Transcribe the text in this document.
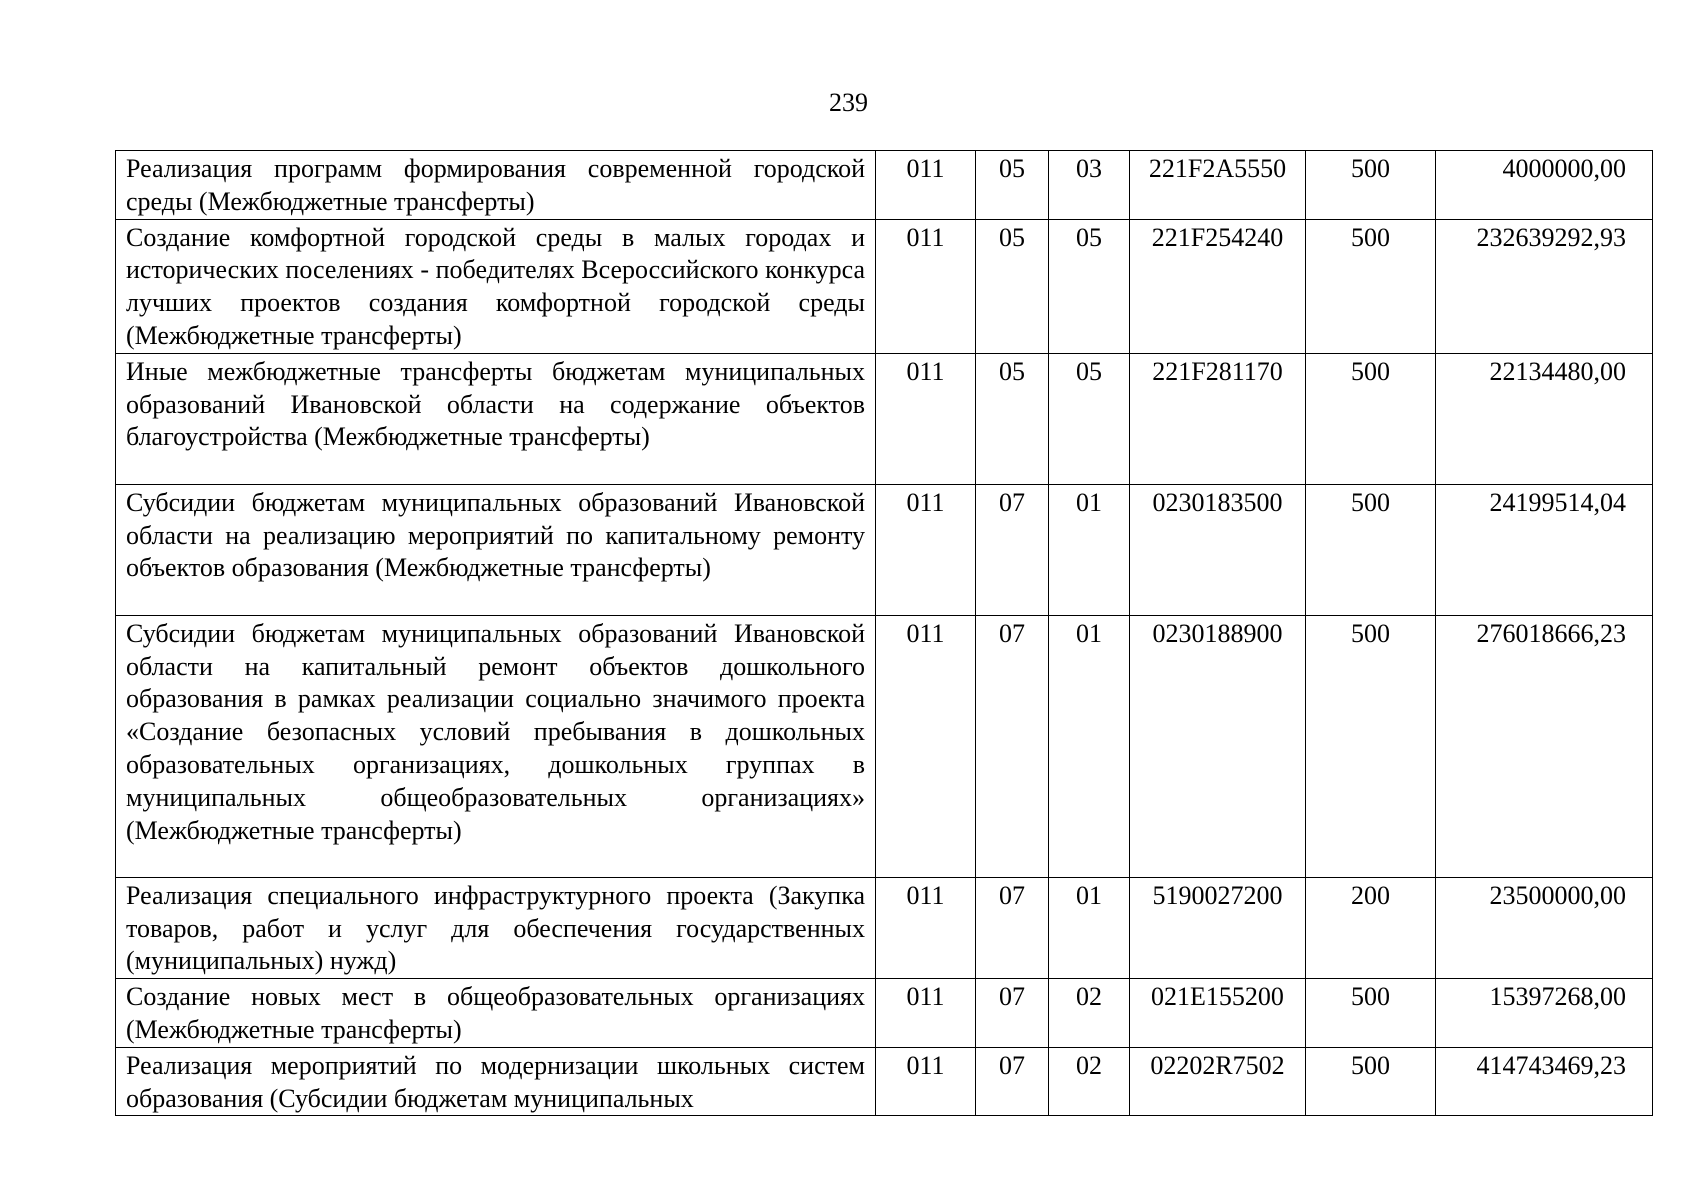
239
Реализация программ формирования современной городской среды (Межбюджетные трансферты)	011	05	03	221F2A5550	500	4000000,00
Создание комфортной городской среды в малых городах и исторических поселениях - победителях Всероссийского конкурса лучших проектов создания комфортной городской среды (Межбюджетные трансферты)	011	05	05	221F254240	500	232639292,93
Иные межбюджетные трансферты бюджетам муниципальных образований Ивановской области на содержание объектов благоустройства (Межбюджетные трансферты)	011	05	05	221F281170	500	22134480,00
Субсидии бюджетам муниципальных образований Ивановской области на реализацию мероприятий по капитальному ремонту объектов образования (Межбюджетные трансферты)	011	07	01	0230183500	500	24199514,04
Субсидии бюджетам муниципальных образований Ивановской области на капитальный ремонт объектов дошкольного образования в рамках реализации социально значимого проекта «Создание безопасных условий пребывания в дошкольных образовательных организациях, дошкольных группах в муниципальных общеобразовательных организациях» (Межбюджетные трансферты)	011	07	01	0230188900	500	276018666,23
Реализация специального инфраструктурного проекта (Закупка товаров, работ и услуг для обеспечения государственных (муниципальных) нужд)	011	07	01	5190027200	200	23500000,00
Создание новых мест в общеобразовательных организациях (Межбюджетные трансферты)	011	07	02	021E155200	500	15397268,00
Реализация мероприятий по модернизации школьных систем образования (Субсидии бюджетам муниципальных	011	07	02	02202R7502	500	414743469,23
